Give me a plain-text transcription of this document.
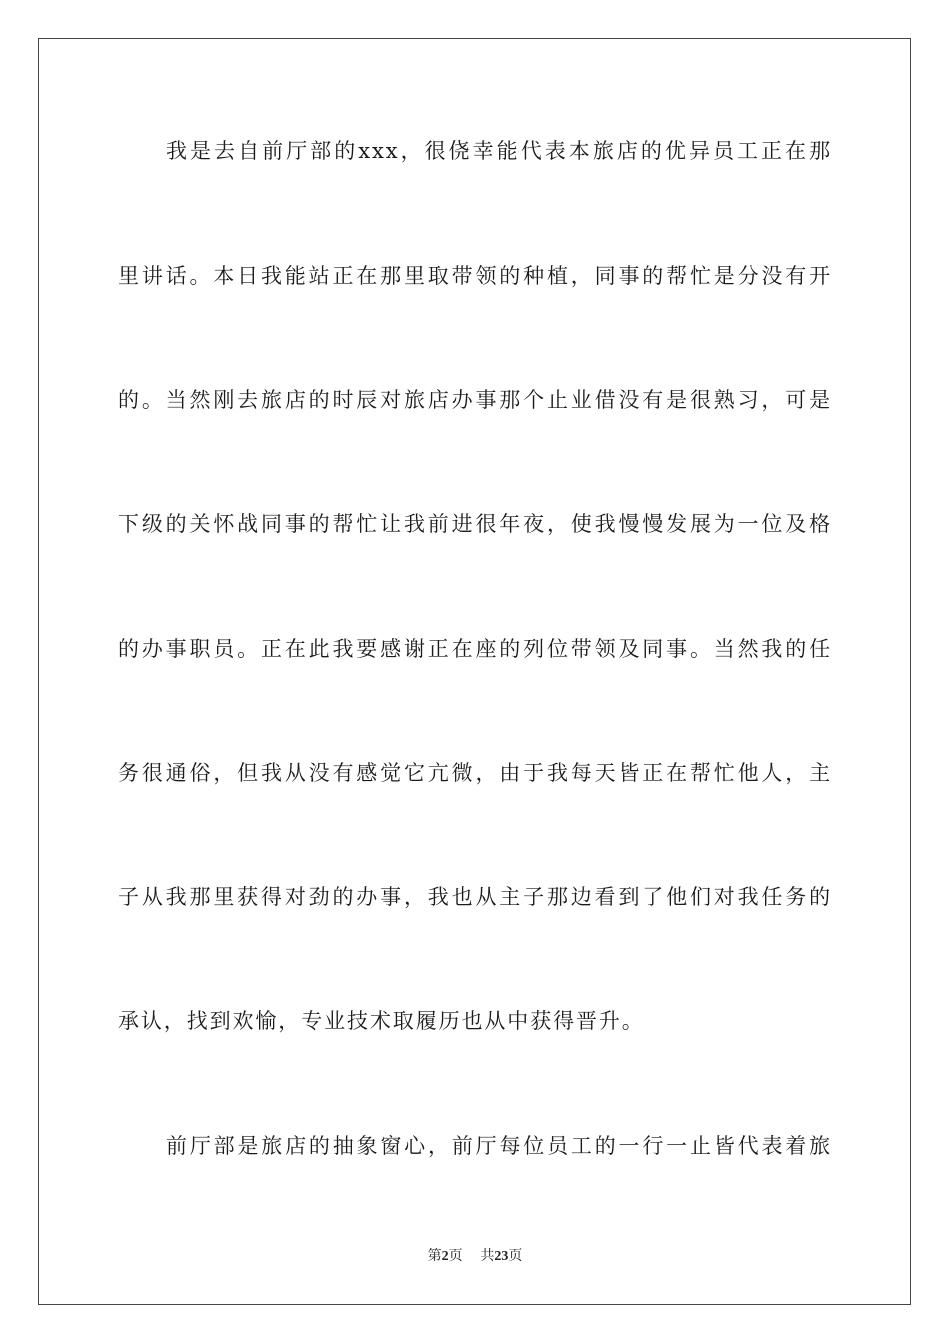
我是去自前厅部的xxx，很侥幸能代表本旅店的优异员工正在那
里讲话。本日我能站正在那里取带领的种植，同事的帮忙是分没有开
的。当然刚去旅店的时辰对旅店办事那个止业借没有是很熟习，可是
下级的关怀战同事的帮忙让我前进很年夜，使我慢慢发展为一位及格
的办事职员。正在此我要感谢正在座的列位带领及同事。当然我的任
务很通俗，但我从没有感觉它亢微，由于我每天皆正在帮忙他人，主
子从我那里获得对劲的办事，我也从主子那边看到了他们对我任务的
承认，找到欢愉，专业技术取履历也从中获得晋升。
前厅部是旅店的抽象窗心，前厅每位员工的一行一止皆代表着旅
第2页 共23页
